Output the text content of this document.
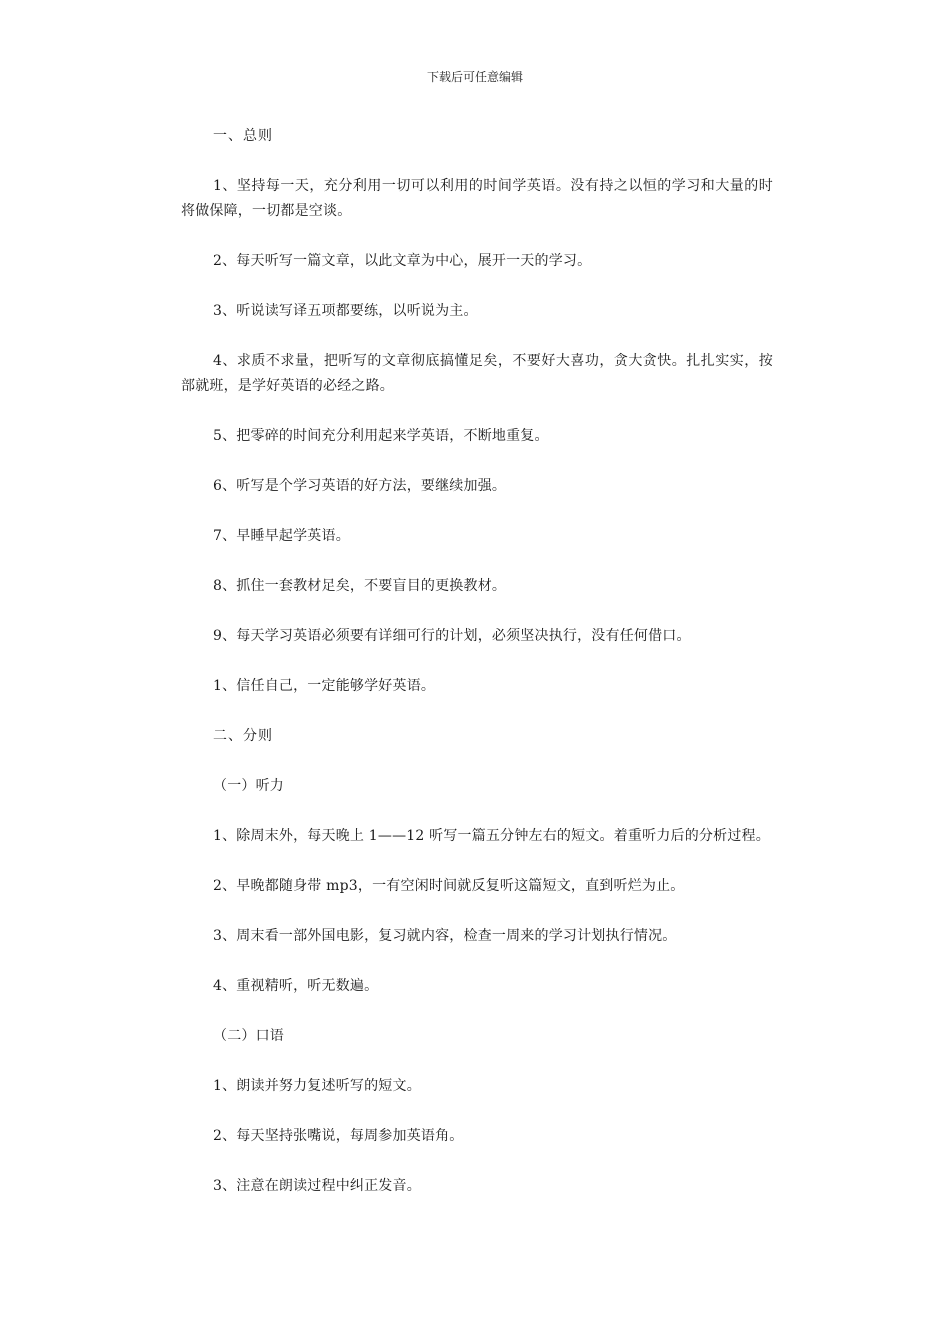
下载后可任意编辑

一、总则

1、坚持每一天，充分利用一切可以利用的时间学英语。没有持之以恒的学习和大量的时将做保障，一切都是空谈。

2、每天听写一篇文章，以此文章为中心，展开一天的学习。

3、听说读写译五项都要练，以听说为主。

4、求质不求量，把听写的文章彻底搞懂足矣，不要好大喜功，贪大贪快。扎扎实实，按部就班，是学好英语的必经之路。

5、把零碎的时间充分利用起来学英语，不断地重复。

6、听写是个学习英语的好方法，要继续加强。

7、早睡早起学英语。

8、抓住一套教材足矣，不要盲目的更换教材。

9、每天学习英语必须要有详细可行的计划，必须坚决执行，没有任何借口。

1、信任自己，一定能够学好英语。

二、分则

（一）听力

1、除周末外，每天晚上 1——12 听写一篇五分钟左右的短文。着重听力后的分析过程。

2、早晚都随身带 mp3，一有空闲时间就反复听这篇短文，直到听烂为止。

3、周末看一部外国电影，复习就内容，检查一周来的学习计划执行情况。

4、重视精听，听无数遍。

（二）口语

1、朗读并努力复述听写的短文。

2、每天坚持张嘴说，每周参加英语角。

3、注意在朗读过程中纠正发音。
